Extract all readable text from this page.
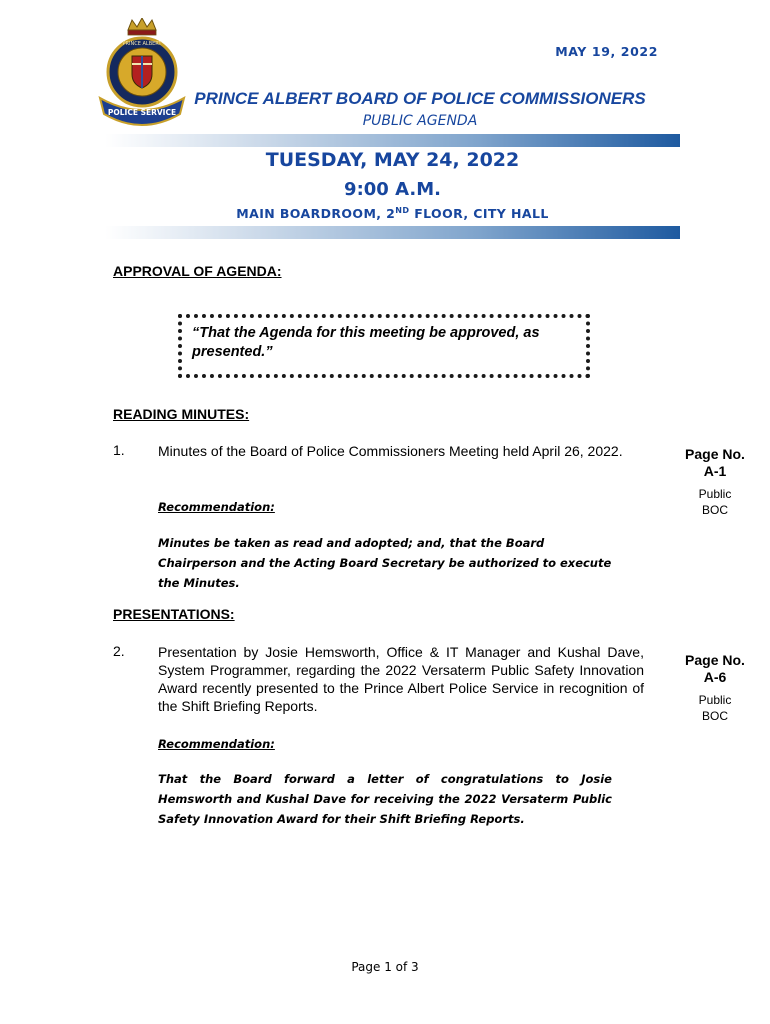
PRINCE ALBERT
POLICE SERVICE
MAY 19, 2022
PRINCE ALBERT BOARD OF POLICE COMMISSIONERS
PUBLIC AGENDA
TUESDAY, MAY 24, 2022
9:00 A.M.
MAIN BOARDROOM, 2ND FLOOR, CITY HALL
APPROVAL OF AGENDA:
“That the Agenda for this meeting be approved, as presented.”
READING MINUTES:
1. Minutes of the Board of Police Commissioners Meeting held April 26, 2022.
Recommendation:
Minutes be taken as read and adopted; and, that the Board Chairperson and the Acting Board Secretary be authorized to execute the Minutes.
Page No.
A-1
Public
BOC
PRESENTATIONS:
2. Presentation by Josie Hemsworth, Office & IT Manager and Kushal Dave, System Programmer, regarding the 2022 Versaterm Public Safety Innovation Award recently presented to the Prince Albert Police Service in recognition of the Shift Briefing Reports.
Recommendation:
That the Board forward a letter of congratulations to Josie Hemsworth and Kushal Dave for receiving the 2022 Versaterm Public Safety Innovation Award for their Shift Briefing Reports.
Page No.
A-6
Public
BOC
Page 1 of 3
